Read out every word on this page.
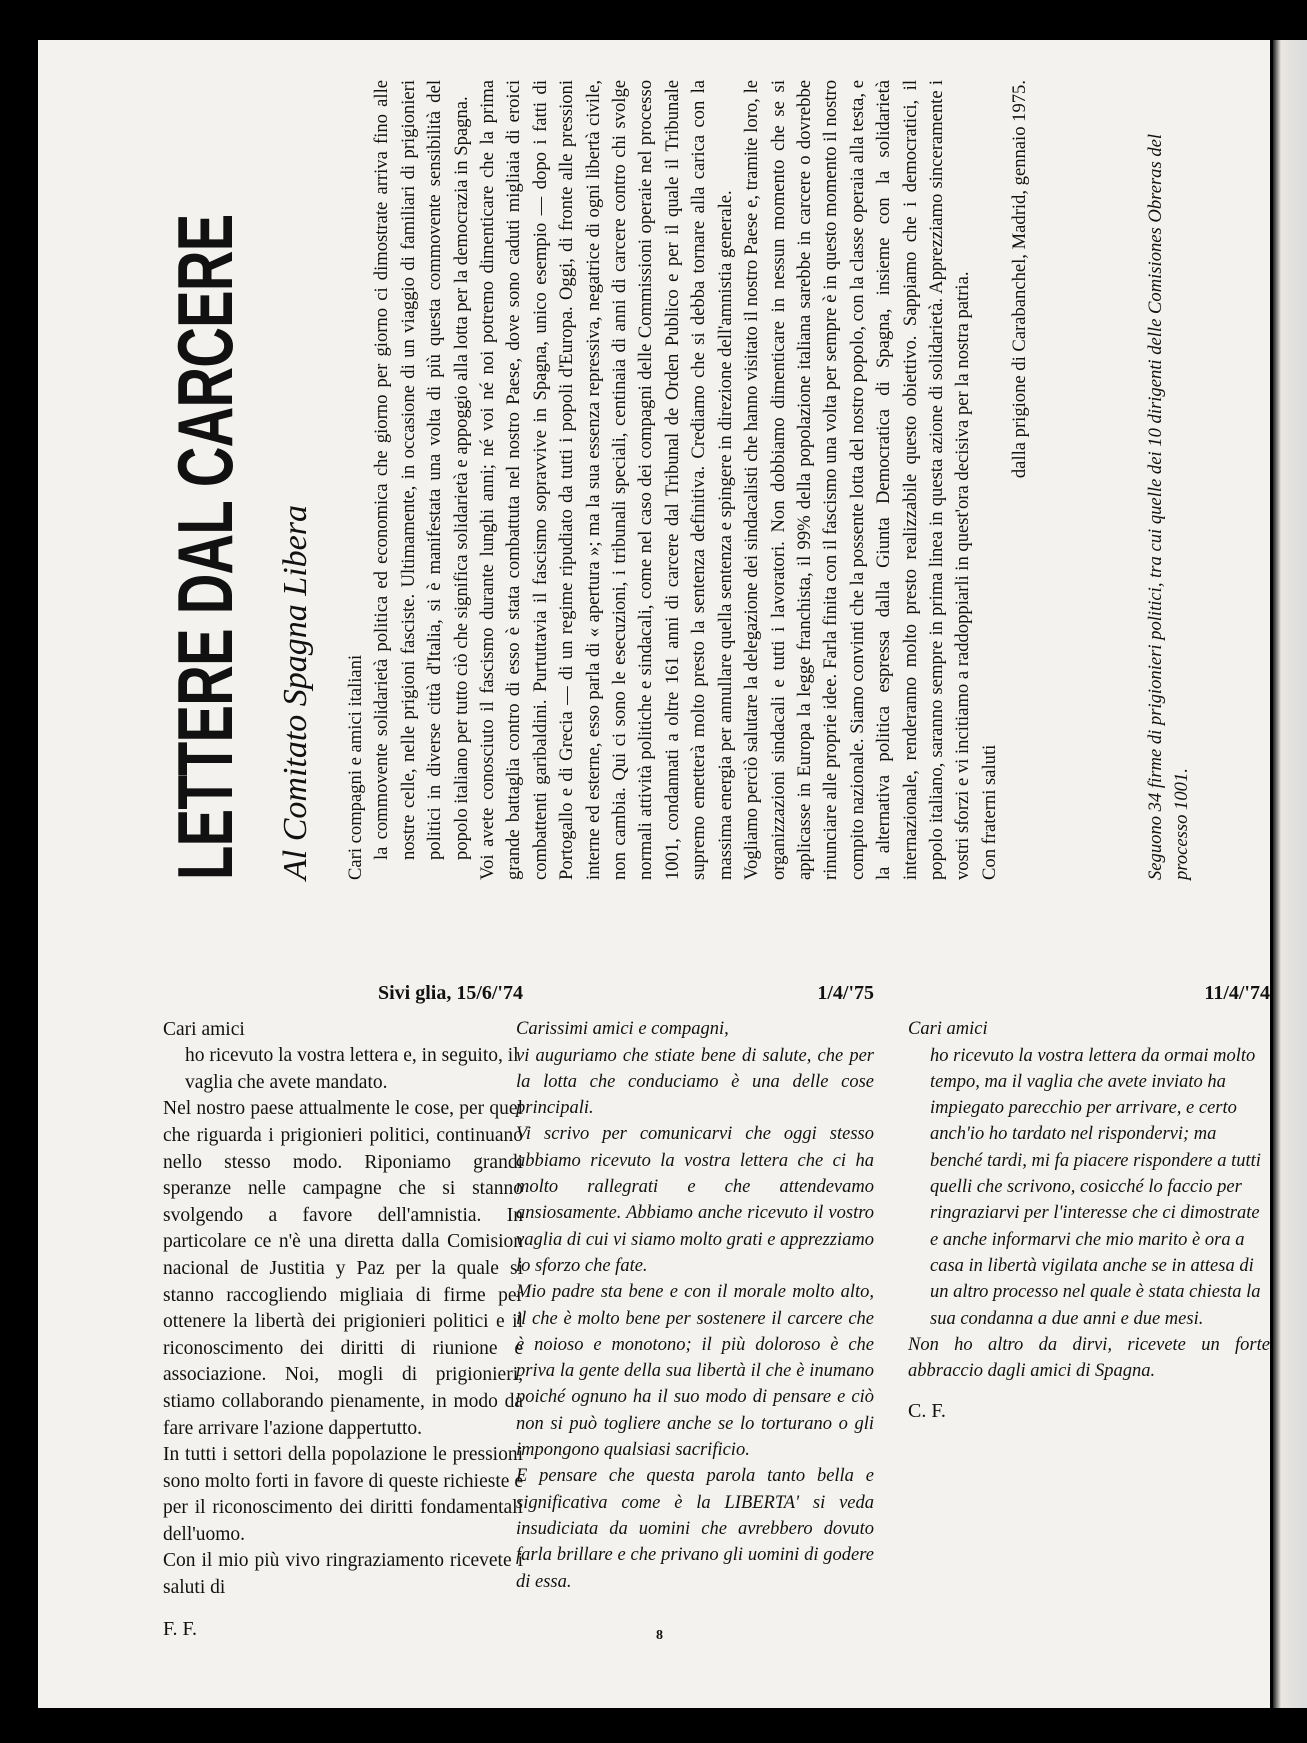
LETTERE DAL CARCERE Al Comitato Spagna Libera Cari compagni e amici italiani la commovente solidarietà politica ed economica che giorno per giorno ci dimostrate arriva fino alle nostre celle, nelle prigioni fasciste. Ultimamente, in occasione di un viaggio di familiari di prigionieri politici in diverse città d'Italia, si è manifestata una volta di più questa commovente sensibilità del popolo italiano per tutto ciò che significa solidarietà e appoggio alla lotta per la democrazia in Spagna. Voi avete conosciuto il fascismo durante lunghi anni; né voi né noi potremo dimenticare che la prima grande battaglia contro di esso è stata combattuta nel nostro Paese, dove sono caduti migliaia di eroici combattenti garibaldini. Purtuttavia il fascismo sopravvive in Spagna, unico esempio — dopo i fatti di Portogallo e di Grecia — di un regime ripudiato da tutti i popoli d'Europa. Oggi, di fronte alle pressioni interne ed esterne, esso parla di « apertura »; ma la sua essenza repressiva, negatrice di ogni libertà civile, non cambia. Qui ci sono le esecuzioni, i tribunali speciali, centinaia di anni di carcere contro chi svolge normali attività politiche e sindacali, come nel caso dei compagni delle Commissioni operaie nel processo 1001, condannati a oltre 161 anni di carcere dal Tribunal de Orden Publico e per il quale il Tribunale supremo emetterà molto presto la sentenza definitiva. Crediamo che si debba tornare alla carica con la massima energia per annullare quella sentenza e spingere in direzione dell'amnistia generale. Vogliamo perciò salutare la delegazione dei sindacalisti che hanno visitato il nostro Paese e, tramite loro, le organizzazioni sindacali e tutti i lavoratori. Non dobbiamo dimenticare in nessun momento che se si applicasse in Europa la legge franchista, il 99% della popolazione italiana sarebbe in carcere o dovrebbe rinunciare alle proprie idee. Farla finita con il fascismo una volta per sempre è in questo momento il nostro compito nazionale. Siamo convinti che la possente lotta del nostro popolo, con la classe operaia alla testa, e la alternativa politica espressa dalla Giunta Democratica di Spagna, insieme con la solidarietà internazionale, renderanno molto presto realizzabile questo obiettivo. Sappiamo che i democratici, il popolo italiano, saranno sempre in prima linea in questa azione di solidarietà. Apprezziamo sinceramente i vostri sforzi e vi incitiamo a raddoppiarli in quest'ora decisiva per la nostra patria. Con fraterni saluti

dalla prigione di Carabanchel, Madrid, gennaio 1975.	Seguono 34 firme di prigionieri politici, tra cui quelle dei 10 dirigenti delle Comisiones Obreras del processo 1001.
Sivi glia, 15/6/'74

Cari amici

ho ricevuto la vostra lettera e, in seguito, il vaglia che avete mandato.

Nel nostro paese attualmente le cose, per quel che riguarda i prigionieri politici, continuano nello stesso modo. Riponiamo grandi speranze nelle campagne che si stanno svolgendo a favore dell'amnistia. In particolare ce n'è una diretta dalla Comision nacional de Justitia y Paz per la quale si stanno raccogliendo migliaia di firme per ottenere la libertà dei prigionieri politici e il riconoscimento dei diritti di riunione e associazione. Noi, mogli di prigionieri, stiamo collaborando pienamente, in modo da fare arrivare l'azione dappertutto.

In tutti i settori della popolazione le pressioni sono molto forti in favore di queste richieste e per il riconoscimento dei diritti fondamentali dell'uomo.

Con il mio più vivo ringraziamento ricevete i saluti di

F. F.

1/4/'75

Carissimi amici e compagni,

vi auguriamo che stiate bene di salute, che per la lotta che conduciamo è una delle cose principali.

Vi scrivo per comunicarvi che oggi stesso abbiamo ricevuto la vostra lettera che ci ha molto rallegrati e che attendevamo ansiosamente. Abbiamo anche ricevuto il vostro vaglia di cui vi siamo molto grati e apprezziamo lo sforzo che fate.

Mio padre sta bene e con il morale molto alto, il che è molto bene per sostenere il carcere che è noioso e monotono; il più doloroso è che priva la gente della sua libertà il che è inumano poiché ognuno ha il suo modo di pensare e ciò non si può togliere anche se lo torturano o gli impongono qualsiasi sacrificio.

E pensare che questa parola tanto bella e significativa come è la LIBERTA' si veda insudiciata da uomini che avrebbero dovuto farla brillare e che privano gli uomini di godere di essa.

11/4/'74

Cari amici

ho ricevuto la vostra lettera da ormai molto tempo, ma il vaglia che avete inviato ha impiegato parecchio per arrivare, e certo anch'io ho tardato nel rispondervi; ma benché tardi, mi fa piacere rispondere a tutti quelli che scrivono, cosicché lo faccio per ringraziarvi per l'interesse che ci dimostrate e anche informarvi che mio marito è ora a casa in libertà vigilata anche se in attesa di un altro processo nel quale è stata chiesta la sua condanna a due anni e due mesi.

Non ho altro da dirvi, ricevete un forte abbraccio dagli amici di Spagna.

C. F.

8
